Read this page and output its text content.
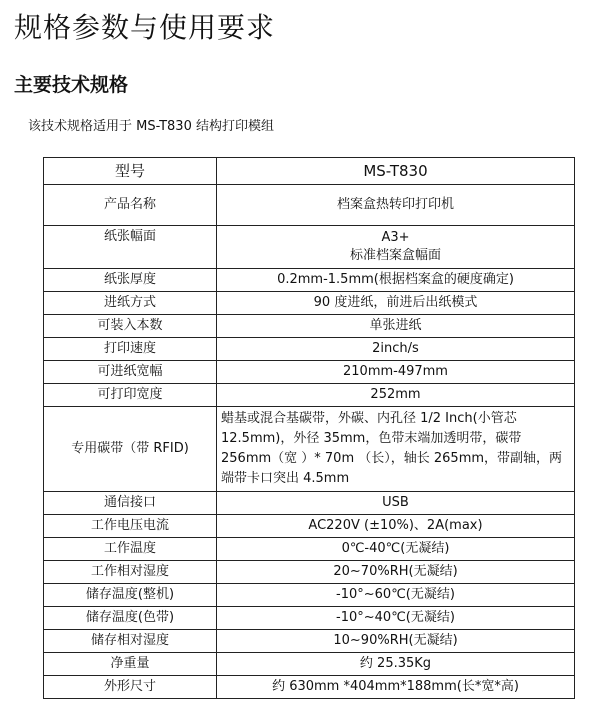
规格参数与使用要求
主要技术规格

该技术规格适用于 MS-T830 结构打印模组

型号	MS-T830
产品名称	档案盒热转印打印机
纸张幅面	A3+
标准档案盒幅面

纸张厚度	0.2mm-1.5mm(根据档案盒的硬度确定)
进纸方式	90 度进纸，前进后出纸模式
可装入本数	单张进纸
打印速度	2inch/s
可进纸宽幅	210mm-497mm
可打印宽度	252mm
专用碳带（带 RFID)	蜡基或混合基碳带，外碳、内孔径 1/2 Inch(小管芯 12.5mm)，外径 35mm，色带末端加透明带，碳带 256mm（宽 ）* 70m （长），轴长 265mm，带副轴，两端带卡口突出 4.5mm
通信接口	USB
工作电压电流	AC220V (±10%)、2A(max)
工作温度	0℃-40℃(无凝结)
工作相对湿度	20~70%RH(无凝结)
储存温度(整机)	-10°~60℃(无凝结)
储存温度(色带)	-10°~40℃(无凝结)
储存相对湿度	10~90%RH(无凝结)
净重量	约 25.35Kg
外形尺寸	约 630mm *404mm*188mm(长*宽*高)
